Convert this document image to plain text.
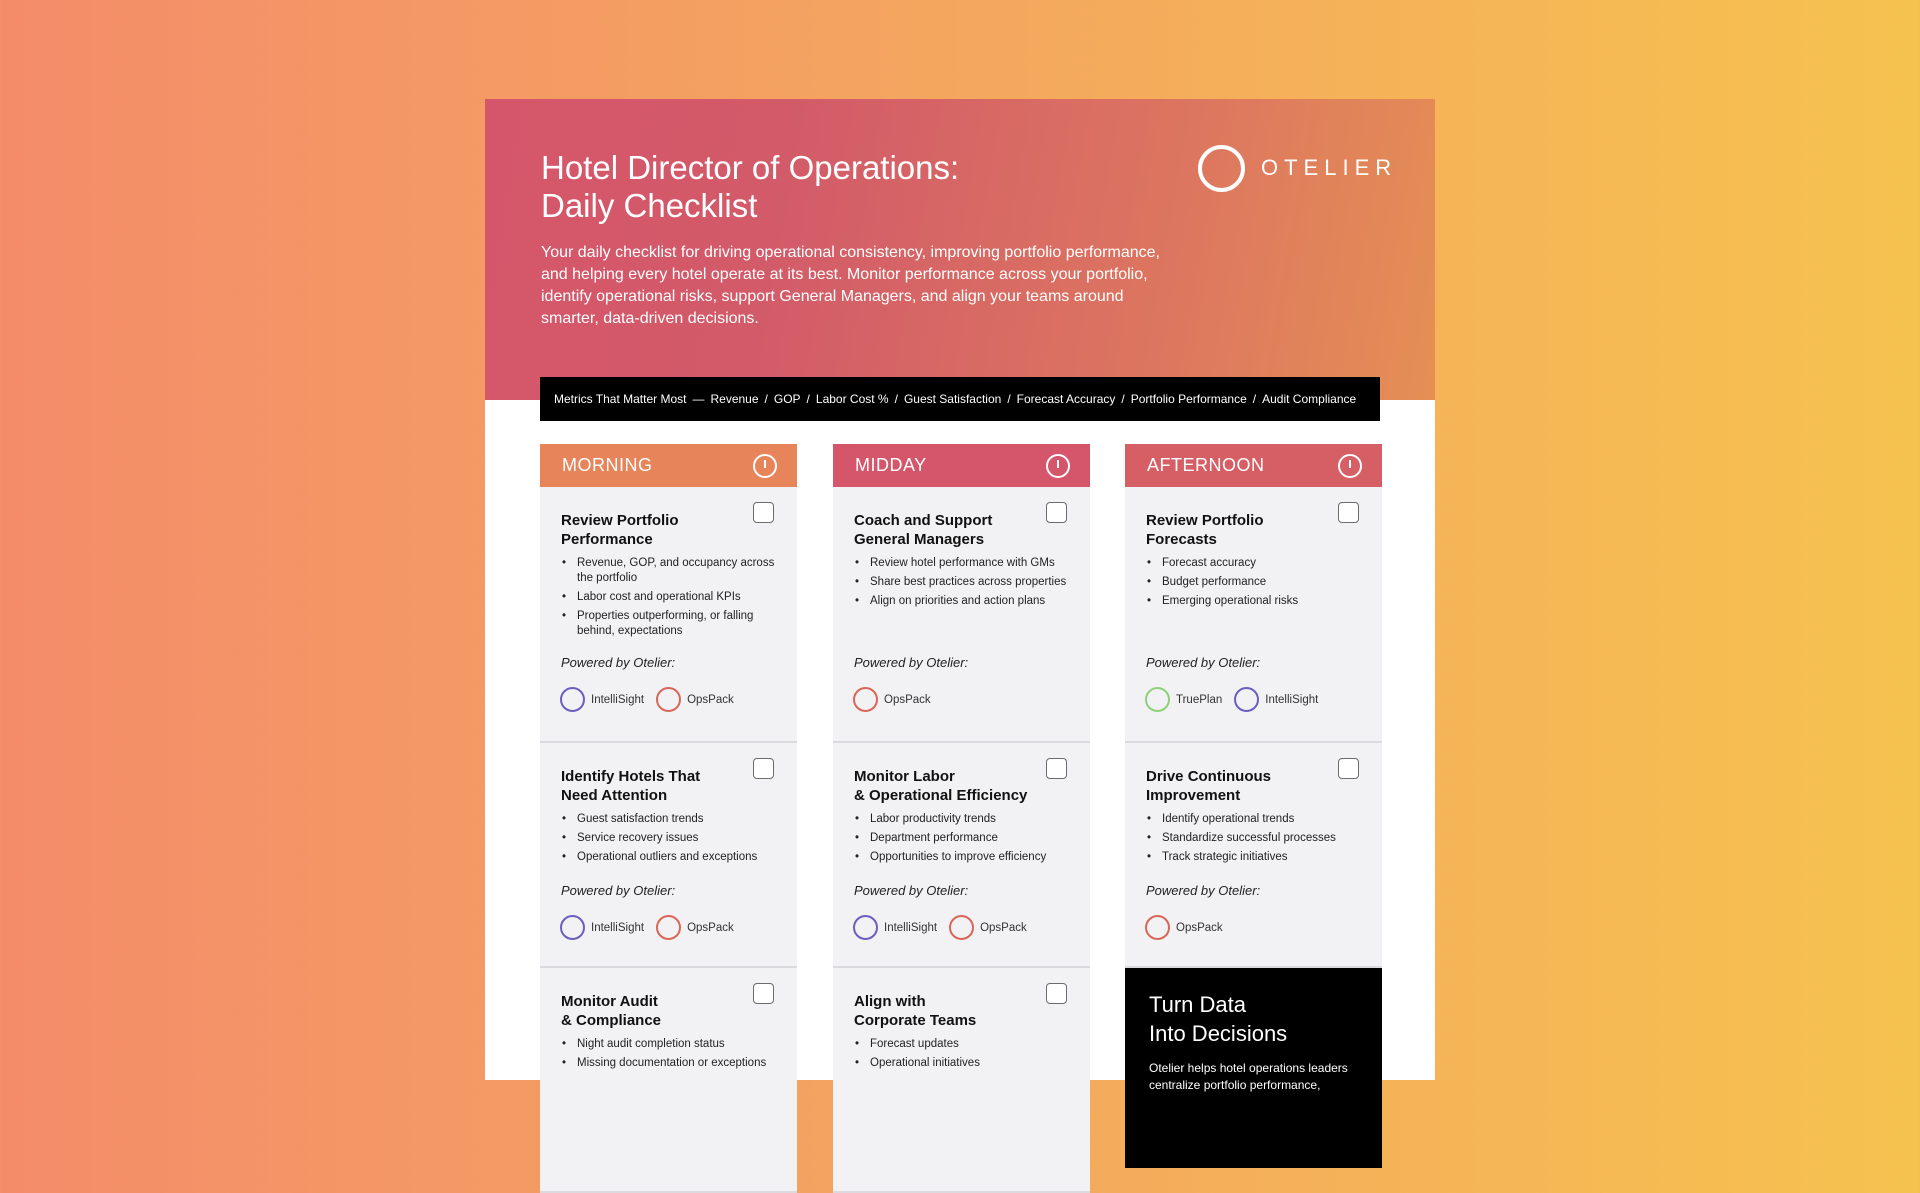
Hotel Director of Operations:
Daily Checklist
Your daily checklist for driving operational consistency, improving portfolio performance, and helping every hotel operate at its best. Monitor performance across your portfolio, identify operational risks, support General Managers, and align your teams around smarter, data-driven decisions.
OTELIER
Metrics That Matter Most — Revenue / GOP / Labor Cost % / Guest Satisfaction / Forecast Accuracy / Portfolio Performance / Audit Compliance
MORNING
Review Portfolio
Performance
• Revenue, GOP, and occupancy across the portfolio
• Labor cost and operational KPIs
• Properties outperforming, or falling behind, expectations
Powered by Otelier:
IntelliSight	OpsPack
Identify Hotels That
Need Attention
• Guest satisfaction trends
• Service recovery issues
• Operational outliers and exceptions
Powered by Otelier:
IntelliSight	OpsPack
Monitor Audit
& Compliance
• Night audit completion status
• Missing documentation or exceptions
MIDDAY
Coach and Support
General Managers
• Review hotel performance with GMs
• Share best practices across properties
• Align on priorities and action plans
Powered by Otelier:
OpsPack
Monitor Labor
& Operational Efficiency
• Labor productivity trends
• Department performance
• Opportunities to improve efficiency
Powered by Otelier:
IntelliSight	OpsPack
Align with
Corporate Teams
• Forecast updates
• Operational initiatives
AFTERNOON
Review Portfolio
Forecasts
• Forecast accuracy
• Budget performance
• Emerging operational risks
Powered by Otelier:
TruePlan	IntelliSight
Drive Continuous
Improvement
• Identify operational trends
• Standardize successful processes
• Track strategic initiatives
Powered by Otelier:
OpsPack
Turn Data
Into Decisions
Otelier helps hotel operations leaders centralize portfolio performance,
